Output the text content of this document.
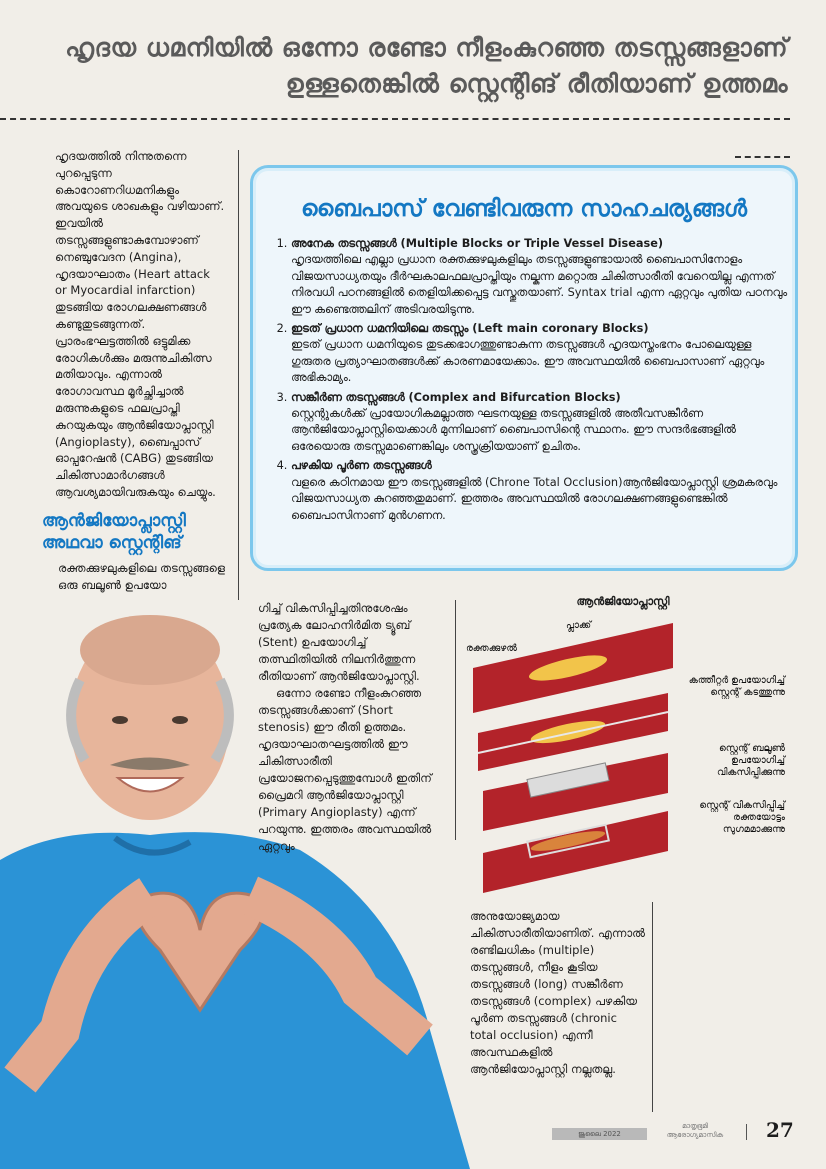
ഹൃദയ ധമനിയിൽ ഒന്നോ രണ്ടോ നീളംകുറഞ്ഞ തടസ്സങ്ങളാണ്
ഉള്ളതെങ്കിൽ സ്റ്റെന്റിങ് രീതിയാണ് ഉത്തമം
ഹൃദയത്തിൽ നിന്നുതന്നെ പുറപ്പെടുന്ന കൊറോണറിധമനികളും അവയുടെ ശാഖകളും വഴിയാണ്. ഇവയിൽ തടസ്സങ്ങളുണ്ടാകുമ്പോഴാണ് നെഞ്ചുവേദന (Angina), ഹൃദയാഘാതം (Heart attack or Myocardial infarction) തുടങ്ങിയ രോഗലക്ഷണങ്ങൾ കണ്ടുതുടങ്ങുന്നത്. പ്രാരംഭഘട്ടത്തിൽ ഒട്ടുമിക്ക രോഗികൾക്കും മരുന്നുചികിത്സ മതിയാവും. എന്നാൽ രോഗാവസ്ഥ മൂർച്ഛിച്ചാൽ മരുന്നുകളുടെ ഫലപ്രാപ്തി കുറയുകയും ആൻജിയോപ്ലാസ്റ്റി (Angioplasty), ബൈപ്പാസ് ഓപ്പറേഷൻ (CABG) തുടങ്ങിയ ചികിത്സാമാർഗങ്ങൾ ആവശ്യമായിവരുകയും ചെയ്യും.
ബൈപാസ് വേണ്ടിവരുന്ന സാഹചര്യങ്ങൾ
1. അനേക തടസ്സങ്ങൾ (Multiple Blocks or Triple Vessel Disease)
ഹൃദയത്തിലെ എല്ലാ പ്രധാന രക്തക്കുഴലുകളിലും തടസ്സങ്ങളുണ്ടായാൽ ബൈപാസിനോളം വിജയസാധ്യതയും ദീർഘകാലഫലപ്രാപ്തിയും നല്കുന്ന മറ്റൊരു ചികിത്സാരീതി വേറെയില്ല എന്നത് നിരവധി പഠനങ്ങളിൽ തെളിയിക്കപ്പെട്ട വസ്തുതയാണ്. Syntax trial എന്ന ഏറ്റവും പുതിയ പഠനവും ഈ കണ്ടെത്തലിന് അടിവരയിടുന്നു.
2. ഇടത് പ്രധാന ധമനിയിലെ തടസ്സം (Left main coronary Blocks)
ഇടത് പ്രധാന ധമനിയുടെ തുടക്കഭാഗത്തുണ്ടാകുന്ന തടസ്സങ്ങൾ ഹൃദയസ്തംഭനം പോലെയുള്ള ഗുരുതര പ്രത്യാഘാതങ്ങൾക്ക് കാരണമായേക്കാം. ഈ അവസ്ഥയിൽ ബൈപാസാണ് ഏറ്റവും അഭികാമ്യം.
3. സങ്കീർണ തടസ്സങ്ങൾ (Complex and Bifurcation Blocks)
സ്റ്റെന്റുകൾക്ക് പ്രായോഗികമല്ലാത്ത ഘടനയുള്ള തടസ്സങ്ങളിൽ അതീവസങ്കീർണ ആൻജിയോപ്ലാസ്റ്റിയെക്കാൾ മുന്നിലാണ് ബൈപാസിന്റെ സ്ഥാനം. ഈ സന്ദർഭങ്ങളിൽ ഒരേയൊരു തടസ്സമാണെങ്കിലും ശസ്ത്രക്രിയയാണ് ഉചിതം.
4. പഴകിയ പൂർണ തടസ്സങ്ങൾ
വളരെ കഠിനമായ ഈ തടസ്സങ്ങളിൽ (Chrone Total Occlusion)ആൻജിയോപ്ലാസ്റ്റി ശ്രമകരവും വിജയസാധ്യത കുറഞ്ഞതുമാണ്. ഇത്തരം അവസ്ഥയിൽ രോഗലക്ഷണങ്ങളുണ്ടെങ്കിൽ ബൈപാസിനാണ് മുൻഗണന.
ആൻജിയോപ്ലാസ്റ്റി
അഥവാ സ്റ്റെന്റിങ്
രക്തക്കുഴലുകളിലെ തടസ്സങ്ങളെ ഒരു ബലൂൺ ഉപയോ
ഗിച്ച് വികസിപ്പിച്ചതിനുശേഷം പ്രത്യേക ലോഹനിർമിത ട്യൂബ് (Stent) ഉപയോഗിച്ച് തത്സ്ഥിതിയിൽ നിലനിർത്തുന്ന രീതിയാണ് ആൻജിയോപ്ലാസ്റ്റി.
ഒന്നോ രണ്ടോ നീളംകുറഞ്ഞ തടസ്സങ്ങൾക്കാണ് (Short stenosis) ഈ രീതി ഉത്തമം. ഹൃദയാഘാതഘട്ടത്തിൽ ഈ ചികിത്സാരീതി പ്രയോജനപ്പെടുത്തുമ്പോൾ ഇതിന് പ്രൈമറി ആൻജിയോപ്ലാസ്റ്റി (Primary Angioplasty) എന്ന് പറയുന്നു. ഇത്തരം അവസ്ഥയിൽ ഏറ്റവും
ആൻജിയോപ്ലാസ്റ്റി
പ്ലാക്ക്
രക്തക്കുഴൽ
കത്തീറ്റർ ഉപയോഗിച്ച് സ്റ്റെന്റ് കടത്തുന്നു
സ്റ്റെന്റ് ബലൂൺ ഉപയോഗിച്ച് വികസിപ്പിക്കുന്നു
സ്റ്റെന്റ് വികസിപ്പിച്ച് രക്തയോട്ടം സുഗമമാക്കുന്നു
അനുയോജ്യമായ ചികിത്സാരീതിയാണിത്. എന്നാൽ രണ്ടിലധികം (multiple) തടസ്സങ്ങൾ, നീളം കൂടിയ തടസ്സങ്ങൾ (long) സങ്കീർണ തടസ്സങ്ങൾ (complex) പഴകിയ പൂർണ തടസ്സങ്ങൾ (chronic total occlusion) എന്നീ അവസ്ഥകളിൽ ആൻജിയോപ്ലാസ്റ്റി നല്ലതല്ല.
ജൂലൈ 2022
മാതൃഭൂമി ആരോഗ്യമാസിക	27
